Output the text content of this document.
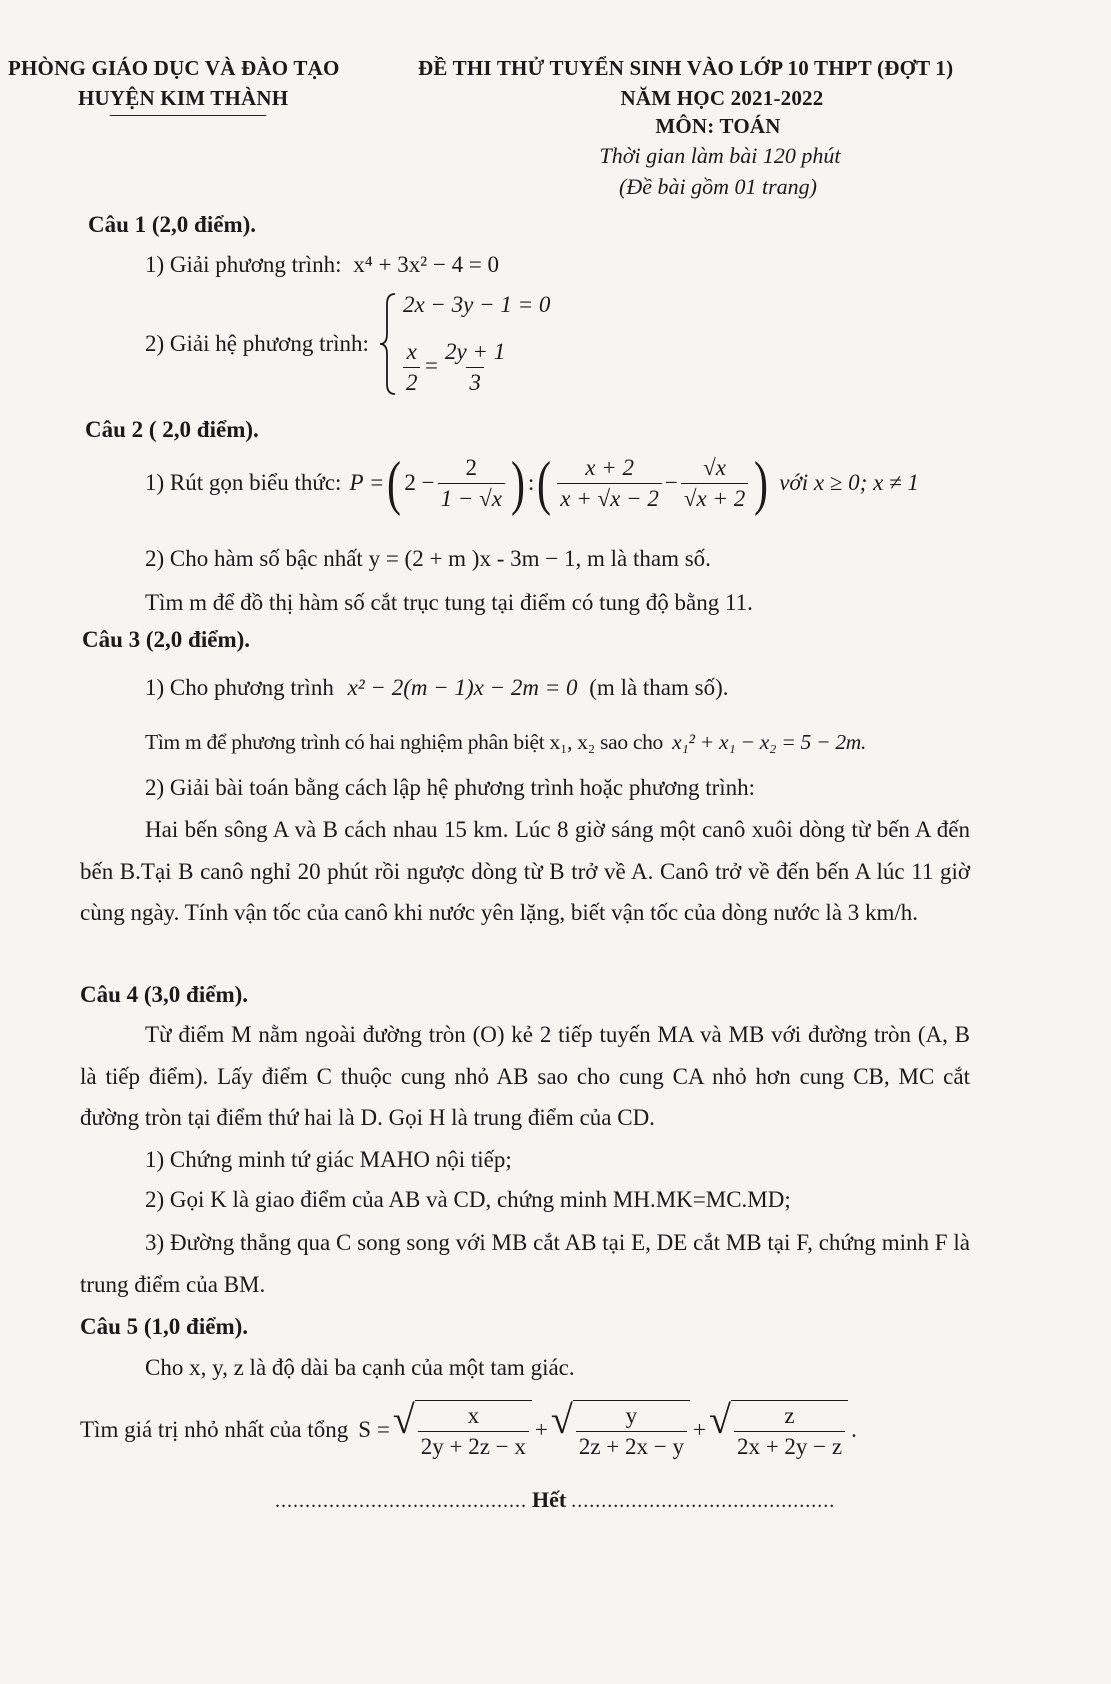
PHÒNG GIÁO DỤC VÀ ĐÀO TẠO
HUYỆN KIM THÀNH
ĐỀ THI THỬ TUYỂN SINH VÀO LỚP 10 THPT (ĐỢT 1)
NĂM HỌC 2021-2022
MÔN: TOÁN
Thời gian làm bài 120 phút
(Đề bài gồm 01 trang)
Câu 1 (2,0 điểm).
1) Giải phương trình: x⁴ + 3x² − 4 = 0
2) Giải hệ phương trình:
2x − 3y − 1 = 0
$\frac{x}{2} = \frac{2y + 1}{3}$
Câu 2 ( 2,0 điểm).
1) Rút gọn biểu thức: P = ( $2 - \frac{2}{1 - √x}$ ) : ( $\frac{x + 2}{x + √x - 2} - \frac{√x}{√x + 2}$ ) với x ≥ 0; x ≠ 1
2) Cho hàm số bậc nhất y = (2 + m )x - 3m − 1, m là tham số.
Tìm m để đồ thị hàm số cắt trục tung tại điểm có tung độ bằng 11.
Câu 3 (2,0 điểm).
1) Cho phương trình x² − 2(m − 1)x − 2m = 0 (m là tham số).
Tìm m để phương trình có hai nghiệm phân biệt x₁, x₂ sao cho x₁² + x₁ − x₂ = 5 − 2m.
2) Giải bài toán bằng cách lập hệ phương trình hoặc phương trình:
Hai bến sông A và B cách nhau 15 km. Lúc 8 giờ sáng một canô xuôi dòng từ bến A đến bến B.Tại B canô nghỉ 20 phút rồi ngược dòng từ B trở về A. Canô trở về đến bến A lúc 11 giờ cùng ngày. Tính vận tốc của canô khi nước yên lặng, biết vận tốc của dòng nước là 3 km/h.
Câu 4 (3,0 điểm).
Từ điểm M nằm ngoài đường tròn (O) kẻ 2 tiếp tuyến MA và MB với đường tròn (A, B là tiếp điểm). Lấy điểm C thuộc cung nhỏ AB sao cho cung CA nhỏ hơn cung CB, MC cắt đường tròn tại điểm thứ hai là D. Gọi H là trung điểm của CD.
1) Chứng minh tứ giác MAHO nội tiếp;
2) Gọi K là giao điểm của AB và CD, chứng minh MH.MK=MC.MD;
3) Đường thẳng qua C song song với MB cắt AB tại E, DE cắt MB tại F, chứng minh F là trung điểm của BM.
Câu 5 (1,0 điểm).
Cho x, y, z là độ dài ba cạnh của một tam giác.
Tìm giá trị nhỏ nhất của tổng S = √ $\frac{x}{2y + 2z - x}$ + √ $\frac{y}{2z + 2x - y}$ + √ $\frac{z}{2x + 2y - z}$ .
.......................................... Hết ............................................
